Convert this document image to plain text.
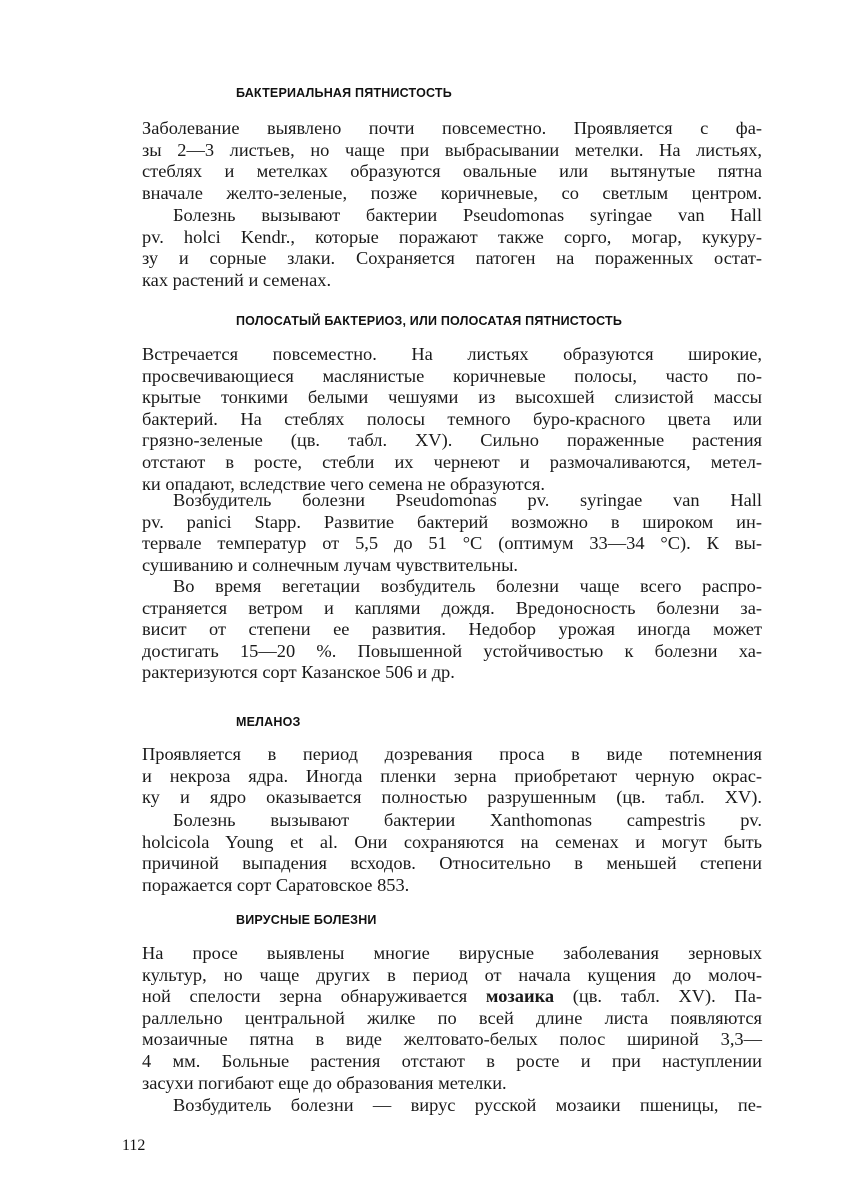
БАКТЕРИАЛЬНАЯ ПЯТНИСТОСТЬ

Заболевание выявлено почти повсеместно. Проявляется с фа-
зы 2—3 листьев, но чаще при выбрасывании метелки. На листьях,
стеблях и метелках образуются овальные или вытянутые пятна
вначале желто-зеленые, позже коричневые, со светлым центром.

Болезнь вызывают бактерии Pseudomonas syringae van Hall
pv. holci Kendr., которые поражают также сорго, могар, кукуру-
зу и сорные злаки. Сохраняется патоген на пораженных остат-
ках растений и семенах.

ПОЛОСАТЫЙ БАКТЕРИОЗ, ИЛИ ПОЛОСАТАЯ ПЯТНИСТОСТЬ

Встречается повсеместно. На листьях образуются широкие,
просвечивающиеся маслянистые коричневые полосы, часто по-
крытые тонкими белыми чешуями из высохшей слизистой массы
бактерий. На стеблях полосы темного буро-красного цвета или
грязно-зеленые (цв. табл. XV). Сильно пораженные растения
отстают в росте, стебли их чернеют и размочаливаются, метел-
ки опадают, вследствие чего семена не образуются.

Возбудитель болезни Pseudomonas pv. syringae van Hall
pv. panici Stapp. Развитие бактерий возможно в широком ин-
тервале температур от 5,5 до 51 °С (оптимум 33—34 °С). К вы-
сушиванию и солнечным лучам чувствительны.

Во время вегетации возбудитель болезни чаще всего распро-
страняется ветром и каплями дождя. Вредоносность болезни за-
висит от степени ее развития. Недобор урожая иногда может
достигать 15—20 %. Повышенной устойчивостью к болезни ха-
рактеризуются сорт Казанское 506 и др.

МЕЛАНОЗ

Проявляется в период дозревания проса в виде потемнения
и некроза ядра. Иногда пленки зерна приобретают черную окрас-
ку и ядро оказывается полностью разрушенным (цв. табл. XV).

Болезнь вызывают бактерии Xanthomonas campestris pv.
holcicola Young et al. Они сохраняются на семенах и могут быть
причиной выпадения всходов. Относительно в меньшей степени
поражается сорт Саратовское 853.

ВИРУСНЫЕ БОЛЕЗНИ

На просе выявлены многие вирусные заболевания зерновых
культур, но чаще других в период от начала кущения до молоч-
ной спелости зерна обнаруживается мозаика (цв. табл. XV). Па-
раллельно центральной жилке по всей длине листа появляются
мозаичные пятна в виде желтовато-белых полос шириной 3,3—
4 мм. Больные растения отстают в росте и при наступлении
засухи погибают еще до образования метелки.

Возбудитель болезни — вирус русской мозаики пшеницы, пе-

112
